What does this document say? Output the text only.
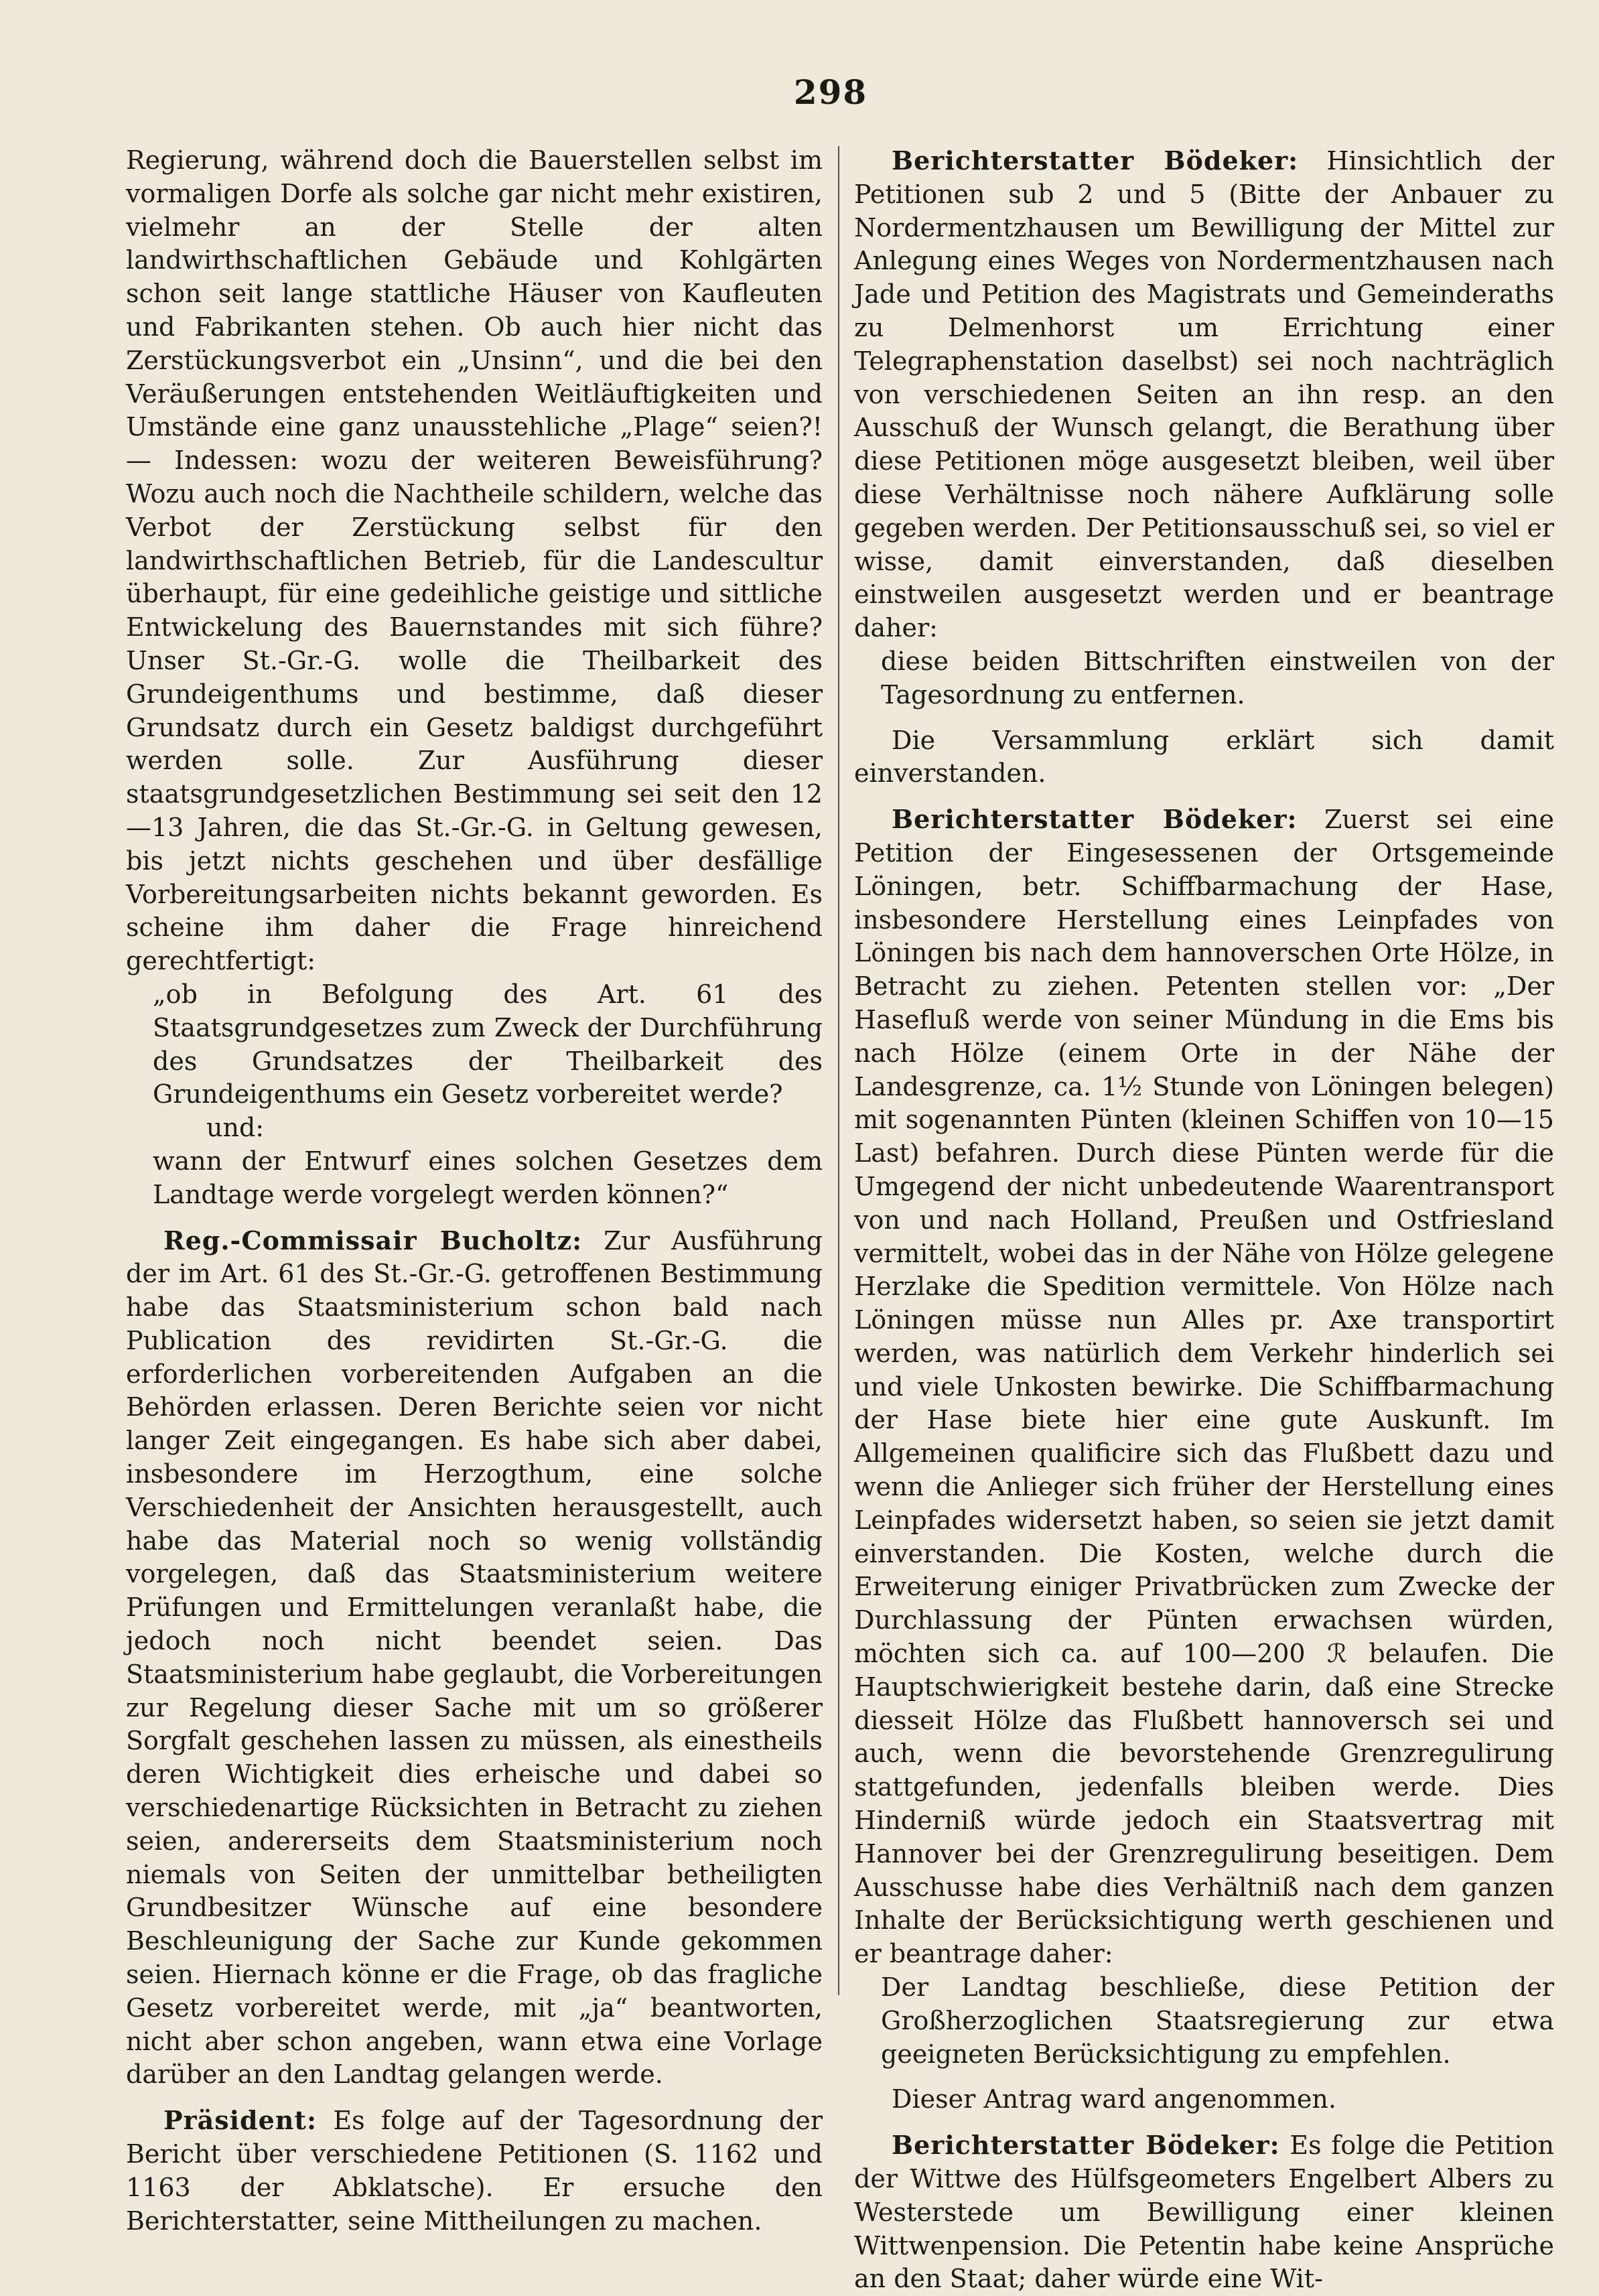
298

Regierung, während doch die Bauerstellen selbst im vormaligen Dorfe als solche gar nicht mehr existiren, vielmehr an der Stelle der alten landwirthschaftlichen Gebäude und Kohlgärten schon seit lange stattliche Häuser von Kaufleuten und Fabrikanten stehen. Ob auch hier nicht das Zerstückungsverbot ein „Unsinn“, und die bei den Veräußerungen entstehenden Weitläuftigkeiten und Umstände eine ganz unausstehliche „Plage“ seien?! — Indessen: wozu der weiteren Beweisführung? Wozu auch noch die Nachtheile schildern, welche das Verbot der Zerstückung selbst für den landwirthschaftlichen Betrieb, für die Landescultur überhaupt, für eine gedeihliche geistige und sittliche Entwickelung des Bauernstandes mit sich führe? Unser St.-Gr.-G. wolle die Theilbarkeit des Grundeigenthums und bestimme, daß dieser Grundsatz durch ein Gesetz baldigst durchgeführt werden solle. Zur Ausführung dieser staatsgrundgesetzlichen Bestimmung sei seit den 12—13 Jahren, die das St.-Gr.-G. in Geltung gewesen, bis jetzt nichts geschehen und über desfällige Vorbereitungsarbeiten nichts bekannt geworden. Es scheine ihm daher die Frage hinreichend gerechtfertigt:

„ob in Befolgung des Art. 61 des Staatsgrundgesetzes zum Zweck der Durchführung des Grundsatzes der Theilbarkeit des Grundeigenthums ein Gesetz vorbereitet werde?

und:

wann der Entwurf eines solchen Gesetzes dem Landtage werde vorgelegt werden können?“

Reg.-Commissair Bucholtz: Zur Ausführung der im Art. 61 des St.-Gr.-G. getroffenen Bestimmung habe das Staatsministerium schon bald nach Publication des revidirten St.-Gr.-G. die erforderlichen vorbereitenden Aufgaben an die Behörden erlassen. Deren Berichte seien vor nicht langer Zeit eingegangen. Es habe sich aber dabei, insbesondere im Herzogthum, eine solche Verschiedenheit der Ansichten herausgestellt, auch habe das Material noch so wenig vollständig vorgelegen, daß das Staatsministerium weitere Prüfungen und Ermittelungen veranlaßt habe, die jedoch noch nicht beendet seien. Das Staatsministerium habe geglaubt, die Vorbereitungen zur Regelung dieser Sache mit um so größerer Sorgfalt geschehen lassen zu müssen, als einestheils deren Wichtigkeit dies erheische und dabei so verschiedenartige Rücksichten in Betracht zu ziehen seien, andererseits dem Staatsministerium noch niemals von Seiten der unmittelbar betheiligten Grundbesitzer Wünsche auf eine besondere Beschleunigung der Sache zur Kunde gekommen seien. Hiernach könne er die Frage, ob das fragliche Gesetz vorbereitet werde, mit „ja“ beantworten, nicht aber schon angeben, wann etwa eine Vorlage darüber an den Landtag gelangen werde.

Präsident: Es folge auf der Tagesordnung der Bericht über verschiedene Petitionen (S. 1162 und 1163 der Abklatsche). Er ersuche den Berichterstatter, seine Mittheilungen zu machen.

Berichterstatter Bödeker: Hinsichtlich der Petitionen sub 2 und 5 (Bitte der Anbauer zu Nordermentzhausen um Bewilligung der Mittel zur Anlegung eines Weges von Nordermentzhausen nach Jade und Petition des Magistrats und Gemeinderaths zu Delmenhorst um Errichtung einer Telegraphenstation daselbst) sei noch nachträglich von verschiedenen Seiten an ihn resp. an den Ausschuß der Wunsch gelangt, die Berathung über diese Petitionen möge ausgesetzt bleiben, weil über diese Verhältnisse noch nähere Aufklärung solle gegeben werden. Der Petitionsausschuß sei, so viel er wisse, damit einverstanden, daß dieselben einstweilen ausgesetzt werden und er beantrage daher:

diese beiden Bittschriften einstweilen von der Tagesordnung zu entfernen.

Die Versammlung erklärt sich damit einverstanden.

Berichterstatter Bödeker: Zuerst sei eine Petition der Eingesessenen der Ortsgemeinde Löningen, betr. Schiffbarmachung der Hase, insbesondere Herstellung eines Leinpfades von Löningen bis nach dem hannoverschen Orte Hölze, in Betracht zu ziehen. Petenten stellen vor: „Der Hasefluß werde von seiner Mündung in die Ems bis nach Hölze (einem Orte in der Nähe der Landesgrenze, ca. 1½ Stunde von Löningen belegen) mit sogenannten Pünten (kleinen Schiffen von 10—15 Last) befahren. Durch diese Pünten werde für die Umgegend der nicht unbedeutende Waarentransport von und nach Holland, Preußen und Ostfriesland vermittelt, wobei das in der Nähe von Hölze gelegene Herzlake die Spedition vermittele. Von Hölze nach Löningen müsse nun Alles pr. Axe transportirt werden, was natürlich dem Verkehr hinderlich sei und viele Unkosten bewirke. Die Schiffbarmachung der Hase biete hier eine gute Auskunft. Im Allgemeinen qualificire sich das Flußbett dazu und wenn die Anlieger sich früher der Herstellung eines Leinpfades widersetzt haben, so seien sie jetzt damit einverstanden. Die Kosten, welche durch die Erweiterung einiger Privatbrücken zum Zwecke der Durchlassung der Pünten erwachsen würden, möchten sich ca. auf 100—200 ℛ belaufen. Die Hauptschwierigkeit bestehe darin, daß eine Strecke diesseit Hölze das Flußbett hannoversch sei und auch, wenn die bevorstehende Grenzregulirung stattgefunden, jedenfalls bleiben werde. Dies Hinderniß würde jedoch ein Staatsvertrag mit Hannover bei der Grenzregulirung beseitigen. Dem Ausschusse habe dies Verhältniß nach dem ganzen Inhalte der Berücksichtigung werth geschienen und er beantrage daher:

Der Landtag beschließe, diese Petition der Großherzoglichen Staatsregierung zur etwa geeigneten Berücksichtigung zu empfehlen.

Dieser Antrag ward angenommen.

Berichterstatter Bödeker: Es folge die Petition der Wittwe des Hülfsgeometers Engelbert Albers zu Westerstede um Bewilligung einer kleinen Wittwenpension. Die Petentin habe keine Ansprüche an den Staat; daher würde eine Wit-
